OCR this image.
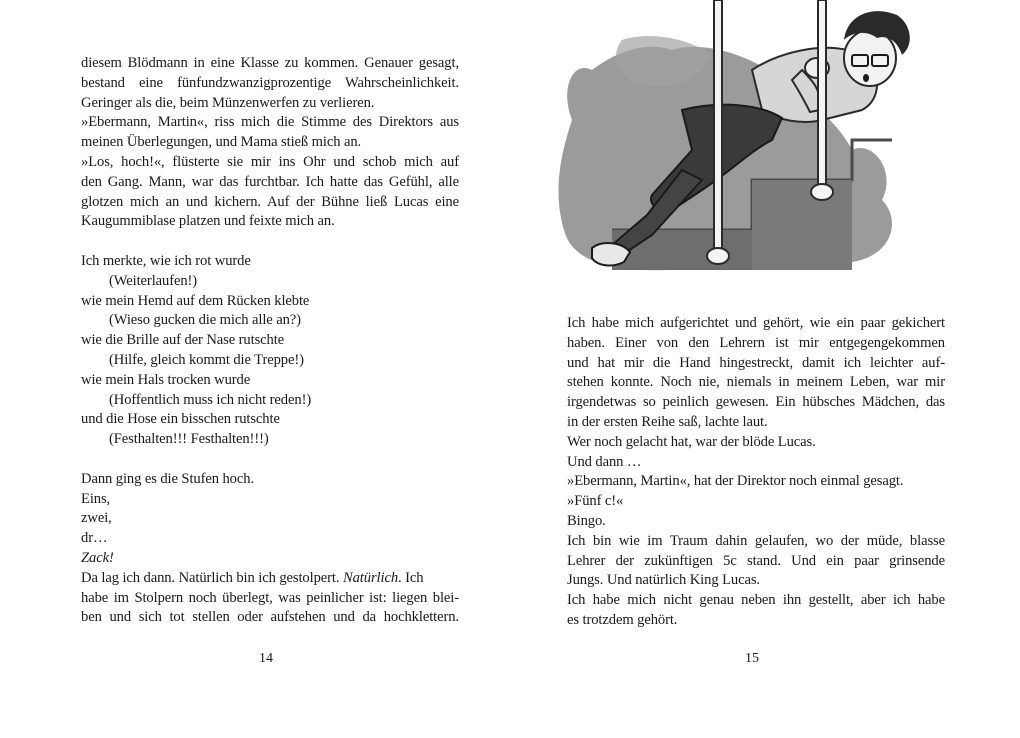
diesem Blödmann in eine Klasse zu kommen. Genauer gesagt,
bestand eine fünfundzwanzigprozentige Wahrscheinlichkeit.
Geringer als die, beim Münzenwerfen zu verlieren.
»Ebermann, Martin«, riss mich die Stimme des Direktors aus
meinen Überlegungen, und Mama stieß mich an.
»Los, hoch!«, flüsterte sie mir ins Ohr und schob mich auf
den Gang. Mann, war das furchtbar. Ich hatte das Gefühl, alle
glotzen mich an und kichern. Auf der Bühne ließ Lucas eine
Kaugummiblase platzen und feixte mich an.
Ich merkte, wie ich rot wurde
(Weiterlaufen!)
wie mein Hemd auf dem Rücken klebte
(Wieso gucken die mich alle an?)
wie die Brille auf der Nase rutschte
(Hilfe, gleich kommt die Treppe!)
wie mein Hals trocken wurde
(Hoffentlich muss ich nicht reden!)
und die Hose ein bisschen rutschte
(Festhalten!!! Festhalten!!!)
Dann ging es die Stufen hoch.
Eins,
zwei,
dr…
Zack!
Da lag ich dann. Natürlich bin ich gestolpert. Natürlich. Ich
habe im Stolpern noch überlegt, was peinlicher ist: liegen blei-
ben und sich tot stellen oder aufstehen und da hochklettern.
14
Ich habe mich aufgerichtet und gehört, wie ein paar gekichert
haben. Einer von den Lehrern ist mir entgegengekommen
und hat mir die Hand hingestreckt, damit ich leichter auf-
stehen konnte. Noch nie, niemals in meinem Leben, war mir
irgendetwas so peinlich gewesen. Ein hübsches Mädchen, das
in der ersten Reihe saß, lachte laut.
Wer noch gelacht hat, war der blöde Lucas.
Und dann …
»Ebermann, Martin«, hat der Direktor noch einmal gesagt.
»Fünf c!«
Bingo.
Ich bin wie im Traum dahin gelaufen, wo der müde, blasse
Lehrer der zukünftigen 5c stand. Und ein paar grinsende
Jungs. Und natürlich King Lucas.
Ich habe mich nicht genau neben ihn gestellt, aber ich habe
es trotzdem gehört.
15
